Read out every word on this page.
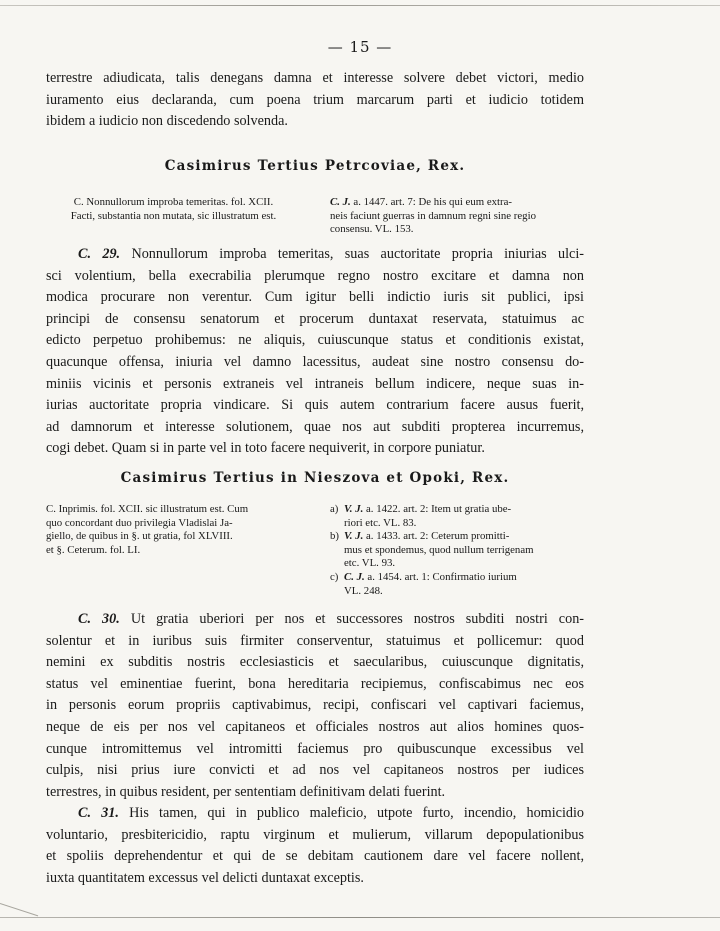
— 15 —
terrestre adiudicata, talis denegans damna et interesse solvere debet victori, medio
iuramento eius declaranda, cum poena trium marcarum parti et iudicio totidem
ibidem a iudicio non discedendo solvenda.
Casimirus Tertius Petrcoviae, Rex.
C. Nonnullorum improba temeritas. fol. XCII.
Facti, substantia non mutata, sic illustratum est.
C. J. a. 1447. art. 7: De his qui eum extra-
neis faciunt guerras in damnum regni sine regio
consensu. VL. 153.
C. 29. Nonnullorum improba temeritas, suas auctoritate propria iniurias ulci-
sci volentium, bella execrabilia plerumque regno nostro excitare et damna non
modica procurare non verentur. Cum igitur belli indictio iuris sit publici, ipsi
principi de consensu senatorum et procerum duntaxat reservata, statuimus ac
edicto perpetuo prohibemus: ne aliquis, cuiuscunque status et conditionis existat,
quacunque offensa, iniuria vel damno lacessitus, audeat sine nostro consensu do-
miniis vicinis et personis extraneis vel intraneis bellum indicere, neque suas in-
iurias auctoritate propria vindicare. Si quis autem contrarium facere ausus fuerit,
ad damnorum et interesse solutionem, quae nos aut subditi propterea incurremus,
cogi debet. Quam si in parte vel in toto facere nequiverit, in corpore puniatur.
Casimirus Tertius in Nieszova et Opoki, Rex.
C. Inprimis. fol. XCII. sic illustratum est. Cum
quo concordant duo privilegia Vladislai Ja-
giello, de quibus in §. ut gratia, fol XLVIII.
et §. Ceterum. fol. LI.
a) V. J. a. 1422. art. 2: Item ut gratia ube-
riori etc. VL. 83.
b) V. J. a. 1433. art. 2: Ceterum promitti-
mus et spondemus, quod nullum terrigenam
etc. VL. 93.
c) C. J. a. 1454. art. 1: Confirmatio iurium
VL. 248.
C. 30. Ut gratia uberiori per nos et successores nostros subditi nostri con-
solentur et in iuribus suis firmiter conserventur, statuimus et pollicemur: quod
nemini ex subditis nostris ecclesiasticis et saecularibus, cuiuscunque dignitatis,
status vel eminentiae fuerint, bona hereditaria recipiemus, confiscabimus nec eos
in personis eorum propriis captivabimus, recipi, confiscari vel captivari faciemus,
neque de eis per nos vel capitaneos et officiales nostros aut alios homines quos-
cunque intromittemus vel intromitti faciemus pro quibuscunque excessibus vel
culpis, nisi prius iure convicti et ad nos vel capitaneos nostros per iudices
terrestres, in quibus resident, per sententiam definitivam delati fuerint.
C. 31. His tamen, qui in publico maleficio, utpote furto, incendio, homicidio
voluntario, presbitericidio, raptu virginum et mulierum, villarum depopulationibus
et spoliis deprehendentur et qui de se debitam cautionem dare vel facere nollent,
iuxta quantitatem excessus vel delicti duntaxat exceptis.
